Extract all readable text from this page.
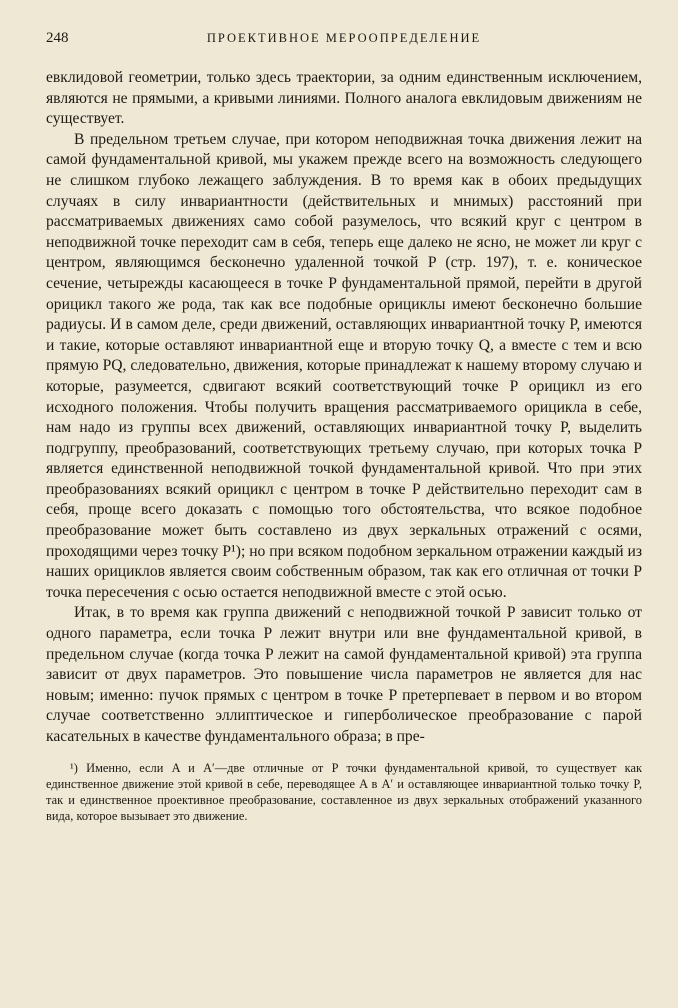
248	ПРОЕКТИВНОЕ МЕРООПРЕДЕЛЕНИЕ

евклидовой геометрии, только здесь траектории, за одним единственным исключением, являются не прямыми, а кривыми линиями. Полного аналога евклидовым движениям не существует.

В предельном третьем случае, при котором неподвижная точка движения лежит на самой фундаментальной кривой, мы укажем прежде всего на возможность следующего не слишком глубоко лежащего заблуждения. В то время как в обоих предыдущих случаях в силу инвариантности (действительных и мнимых) расстояний при рассматриваемых движениях само собой разумелось, что всякий круг с центром в неподвижной точке переходит сам в себя, теперь еще далеко не ясно, не может ли круг с центром, являющимся бесконечно удаленной точкой P (стр. 197), т. е. коническое сечение, четырежды касающееся в точке P фундаментальной прямой, перейти в другой орицикл такого же рода, так как все подобные орициклы имеют бесконечно большие радиусы. И в самом деле, среди движений, оставляющих инвариантной точку P, имеются и такие, которые оставляют инвариантной еще и вторую точку Q, а вместе с тем и всю прямую PQ, следовательно, движения, которые принадлежат к нашему второму случаю и которые, разумеется, сдвигают всякий соответствующий точке P орицикл из его исходного положения. Чтобы получить вращения рассматриваемого орицикла в себе, нам надо из группы всех движений, оставляющих инвариантной точку P, выделить подгруппу, преобразований, соответствующих третьему случаю, при которых точка P является единственной неподвижной точкой фундаментальной кривой. Что при этих преобразованиях всякий орицикл с центром в точке P действительно переходит сам в себя, проще всего доказать с помощью того обстоятельства, что всякое подобное преобразование может быть составлено из двух зеркальных отражений с осями, проходящими через точку P¹); но при всяком подобном зеркальном отражении каждый из наших орициклов является своим собственным образом, так как его отличная от точки P точка пересечения с осью остается неподвижной вместе с этой осью.

Итак, в то время как группа движений с неподвижной точкой P зависит только от одного параметра, если точка P лежит внутри или вне фундаментальной кривой, в предельном случае (когда точка P лежит на самой фундаментальной кривой) эта группа зависит от двух параметров. Это повышение числа параметров не является для нас новым; именно: пучок прямых с центром в точке P претерпевает в первом и во втором случае соответственно эллиптическое и гиперболическое преобразование с парой касательных в качестве фундаментального образа; в пре-

¹) Именно, если A и A′—две отличные от P точки фундаментальной кривой, то существует как единственное движение этой кривой в себе, переводящее A в A′ и оставляющее инвариантной только точку P, так и единственное проективное преобразование, составленное из двух зеркальных отображений указанного вида, которое вызывает это движение.
